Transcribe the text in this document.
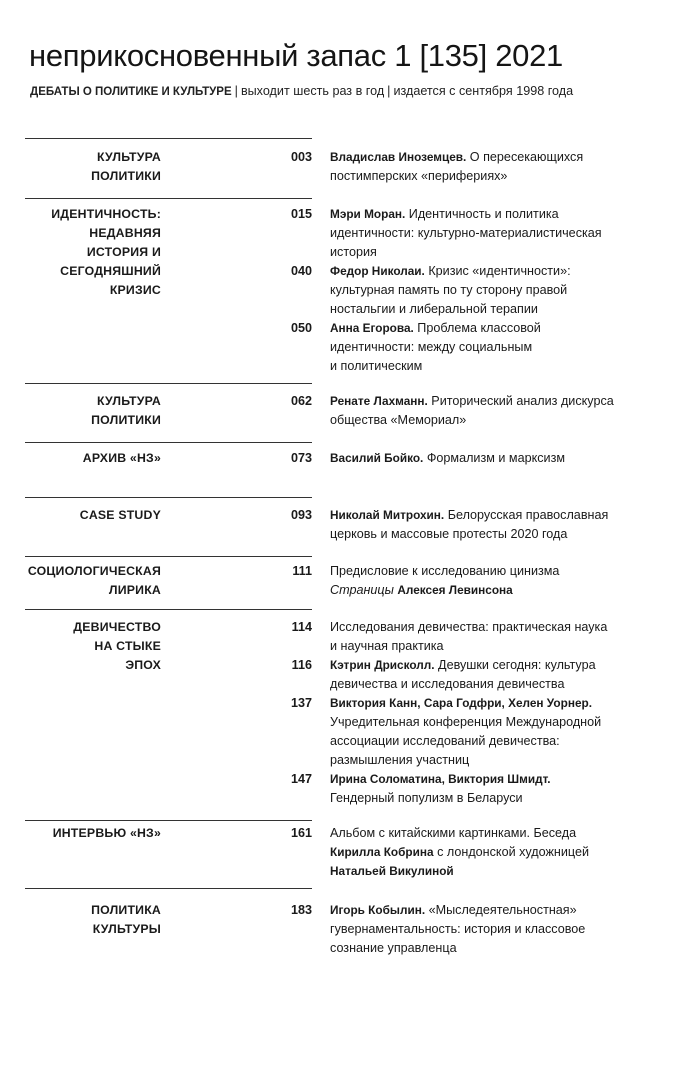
неприкосновенный запас 1 [135] 2021
ДЕБАТЫ О ПОЛИТИКЕ И КУЛЬТУРЕ | выходит шесть раз в год | издается с сентября 1998 года
КУЛЬТУРА
ПОЛИТИКИ
003 Владислав Иноземцев. О пересекающихся
постимперских «перифериях»
ИДЕНТИЧНОСТЬ:
НЕДАВНЯЯ
ИСТОРИЯ И
СЕГОДНЯШНИЙ
КРИЗИС
015 Мэри Моран. Идентичность и политика
идентичности: культурно-материалистическая
история
040 Федор Николаи. Кризис «идентичности»:
культурная память по ту сторону правой
ностальгии и либеральной терапии
050 Анна Егорова. Проблема классовой
идентичности: между социальным
и политическим
КУЛЬТУРА
ПОЛИТИКИ
062 Ренате Лахманн. Риторический анализ дискурса
общества «Мемориал»
АРХИВ «НЗ»	073 Василий Бойко. Формализм и марксизм
CASE STUDY	093 Николай Митрохин. Белорусская православная
церковь и массовые протесты 2020 года
СОЦИОЛОГИЧЕСКАЯ
ЛИРИКА
111 Предисловие к исследованию цинизма
Страницы Алексея Левинсона
ДЕВИЧЕСТВО
НА СТЫКЕ
ЭПОХ
114 Исследования девичества: практическая наука
и научная практика
116 Кэтрин Дрисколл. Девушки сегодня: культура
девичества и исследования девичества
137 Виктория Канн, Сара Годфри, Хелен Уорнер.
Учредительная конференция Международной
ассоциации исследований девичества:
размышления участниц
147 Ирина Соломатина, Виктория Шмидт.
Гендерный популизм в Беларуси
ИНТЕРВЬЮ «НЗ»	161 Альбом с китайскими картинками. Беседа
Кирилла Кобрина с лондонской художницей
Натальей Викулиной
ПОЛИТИКА
КУЛЬТУРЫ
183 Игорь Кобылин. «Мыследеятельностная»
гувернаментальность: история и классовое
сознание управленца
